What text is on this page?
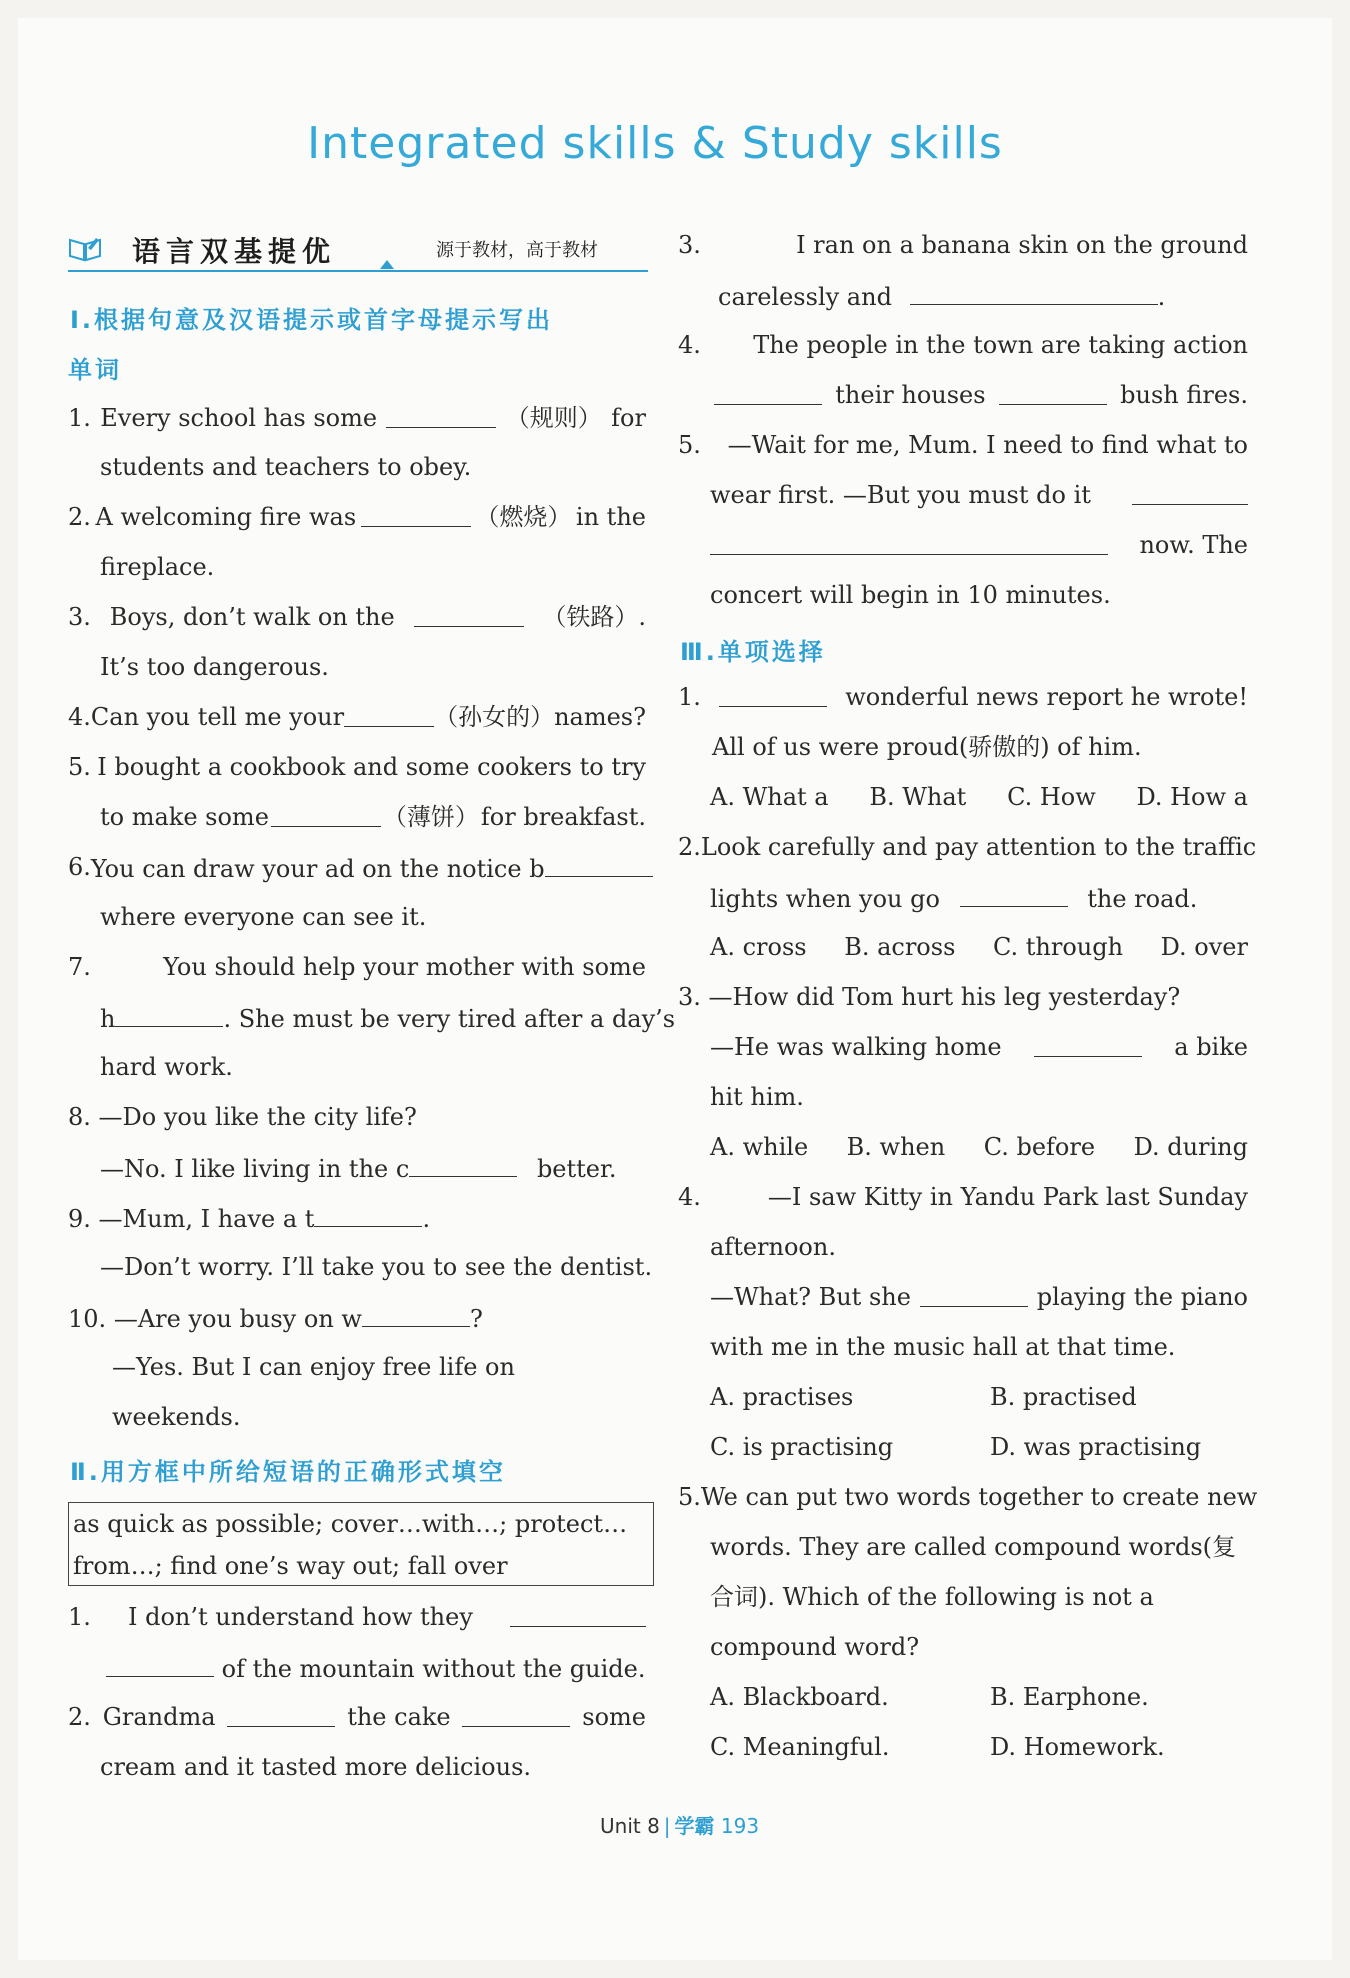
Integrated skills & Study skills
语言双基提优	源于教材，高于教材
Ⅰ.根据句意及汉语提示或首字母提示写出
单词
1. Every school has some	（规则） for
students and teachers to obey.
2. A welcoming fire was	（燃烧） in the
fireplace.
3. Boys, don’t walk on the	（铁路）.
It’s too dangerous.
4. Can you tell me your	（孙女的） names?
5. I bought a cookbook and some cookers to try
to make some	（薄饼） for breakfast.
6. You can draw your ad on the notice b
where everyone can see it.
7.	You should help your mother with some
h	. She must be very tired after a day’s
hard work.
8. —Do you like the city life?
—No. I like living in the c	better.
9. —Mum, I have a t	.
—Don’t worry. I’ll take you to see the dentist.
10. —Are you busy on w	?
—Yes. But I can enjoy free life on
weekends.
Ⅱ.用方框中所给短语的正确形式填空
as quick as possible; cover…with…; protect…
from…; find one’s way out; fall over
1. I don’t understand how they
of the mountain without the guide.
2. Grandma	the cake	some
cream and it tasted more delicious.
3.	I ran on a banana skin on the ground
carelessly and	.
4. The people in the town are taking action
their houses	bush fires.
5. —Wait for me, Mum. I need to find what to
wear first. —But you must do it
now. The
concert will begin in 10 minutes.
Ⅲ.单项选择
1.	wonderful news report he wrote!
All of us were proud(骄傲的) of him.
A. What a B. What C. How D. How a
2. Look carefully and pay attention to the traffic
lights when you go	the road.
A. cross B. across C. through D. over
3. —How did Tom hurt his leg yesterday?
—He was walking home	a bike
hit him.
A. while B. when C. before D. during
4.	—I saw Kitty in Yandu Park last Sunday
afternoon.
—What? But she	playing the piano
with me in the music hall at that time.
A. practises	B. practised
C. is practising	D. was practising
5. We can put two words together to create new
words. They are called compound words(复
合词). Which of the following is not a
compound word?
A. Blackboard.	B. Earphone.
C. Meaningful.	D. Homework.
Unit 8 | 学霸 193
